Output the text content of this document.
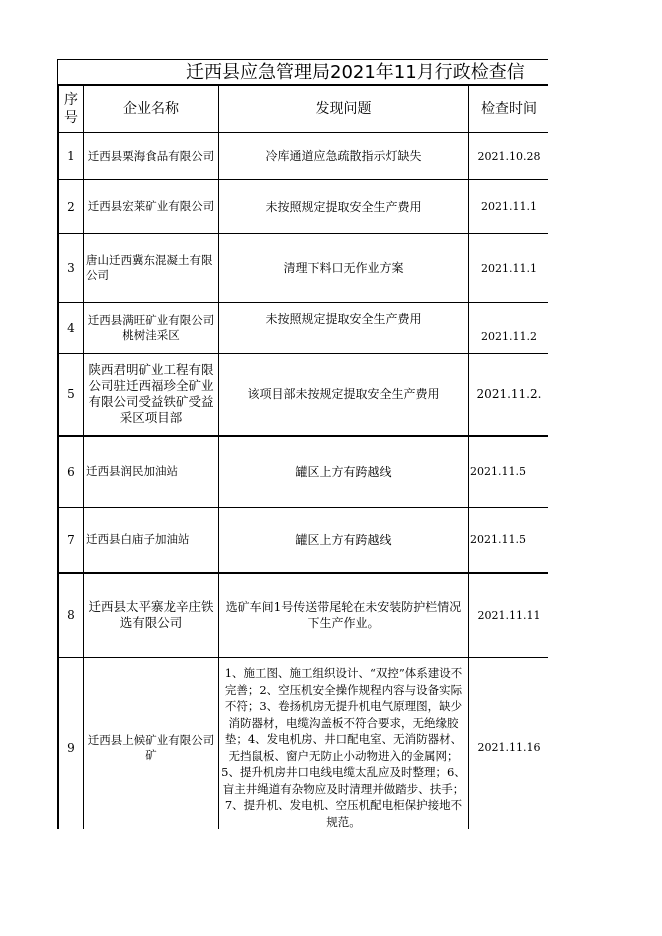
迁西县应急管理局2021年11月行政检查信
序号	企业名称	发现问题	检查时间
1	迁西县栗海食品有限公司	冷库通道应急疏散指示灯缺失	2021.10.28
2	迁西县宏莱矿业有限公司	未按照规定提取安全生产费用	2021.11.1
3	唐山迁西冀东混凝土有限公司	清理下料口无作业方案	2021.11.1
4	迁西县满旺矿业有限公司桃树洼采区	未按照规定提取安全生产费用	2021.11.2
5	陕西君明矿业工程有限公司驻迁西福珍全矿业有限公司受益铁矿受益采区项目部	该项目部未按规定提取安全生产费用	2021.11.2.
6	迁西县润民加油站	罐区上方有跨越线	2021.11.5
7	迁西县白庙子加油站	罐区上方有跨越线	2021.11.5
8	迁西县太平寨龙辛庄铁选有限公司	选矿车间1号传送带尾轮在未安装防护栏情况下生产作业。	2021.11.11
9	迁西县上候矿业有限公司矿	1、施工图、施工组织设计、“双控”体系建设不完善；2、空压机安全操作规程内容与设备实际不符；3、卷扬机房无提升机电气原理图，缺少消防器材，电缆沟盖板不符合要求，无绝缘胶垫；4、发电机房、井口配电室、无消防器材、无挡鼠板、窗户无防止小动物进入的金属网；5、提升机房井口电线电缆太乱应及时整理；6、盲主井绳道有杂物应及时清理并做踏步、扶手；7、提升机、发电机、空压机配电柜保护接地不规范。	2021.11.16
